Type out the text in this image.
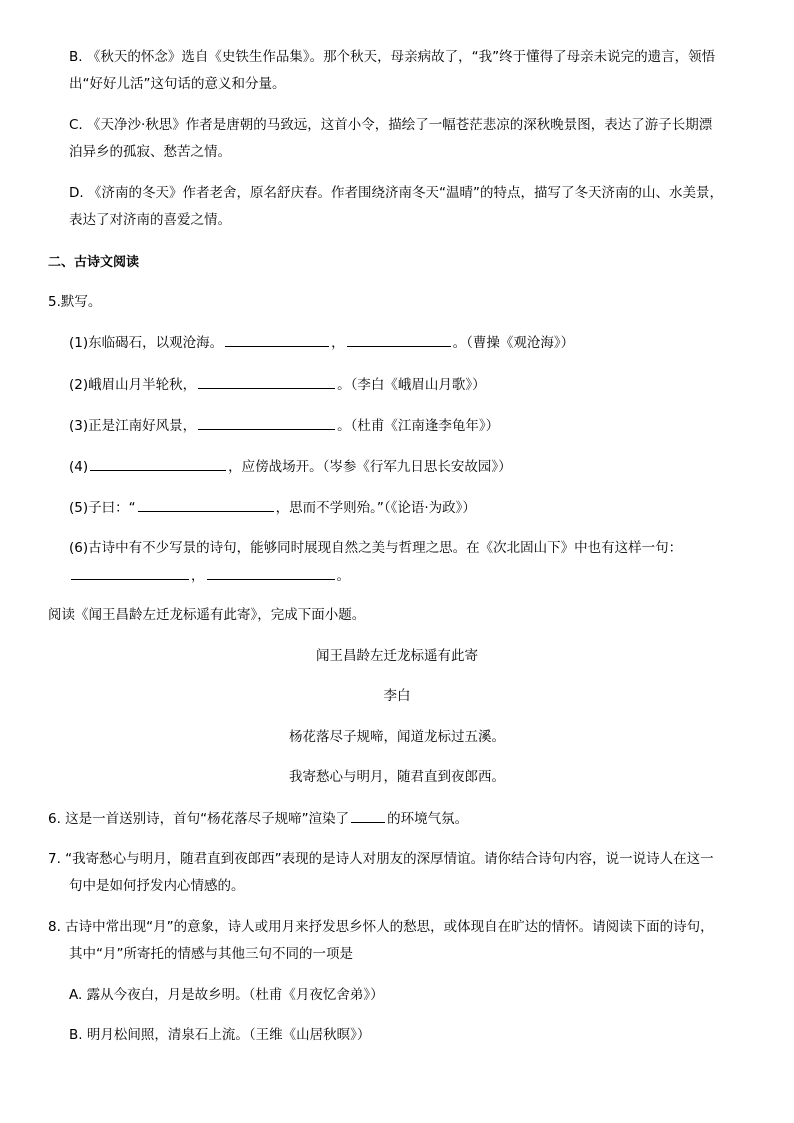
B. 《秋天的怀念》选自《史铁生作品集》。那个秋天，母亲病故了，“我”终于懂得了母亲未说完的遗言，领悟
出“好好儿活”这句话的意义和分量。
C. 《天净沙·秋思》作者是唐朝的马致远，这首小令，描绘了一幅苍茫悲凉的深秋晚景图，表达了游子长期漂
泊异乡的孤寂、愁苦之情。
D. 《济南的冬天》作者老舍，原名舒庆春。作者围绕济南冬天“温晴”的特点，描写了冬天济南的山、水美景，
表达了对济南的喜爱之情。
二、古诗文阅读
5.默写。
(1)东临碣石，以观沧海。	，	。（曹操《观沧海》）
(2)峨眉山月半轮秋，	。（李白《峨眉山月歌》）
(3)正是江南好风景，	。（杜甫《江南逢李龟年》）
(4)	，应傍战场开。（岑参《行军九日思长安故园》）
(5)子曰：“	，思而不学则殆。”（《论语·为政》）
(6)古诗中有不少写景的诗句，能够同时展现自然之美与哲理之思。在《次北固山下》中也有这样一句：
，	。
阅读《闻王昌龄左迁龙标遥有此寄》，完成下面小题。
闻王昌龄左迁龙标遥有此寄
李白
杨花落尽子规啼，闻道龙标过五溪。
我寄愁心与明月，随君直到夜郎西。
6. 这是一首送别诗，首句“杨花落尽子规啼”渲染了	的环境气氛。
7. “我寄愁心与明月，随君直到夜郎西”表现的是诗人对朋友的深厚情谊。请你结合诗句内容，说一说诗人在这一
句中是如何抒发内心情感的。
8. 古诗中常出现“月”的意象，诗人或用月来抒发思乡怀人的愁思，或体现自在旷达的情怀。请阅读下面的诗句，
其中“月”所寄托的情感与其他三句不同的一项是
A. 露从今夜白，月是故乡明。（杜甫《月夜忆舍弟》）
B. 明月松间照，清泉石上流。（王维《山居秋暝》）
